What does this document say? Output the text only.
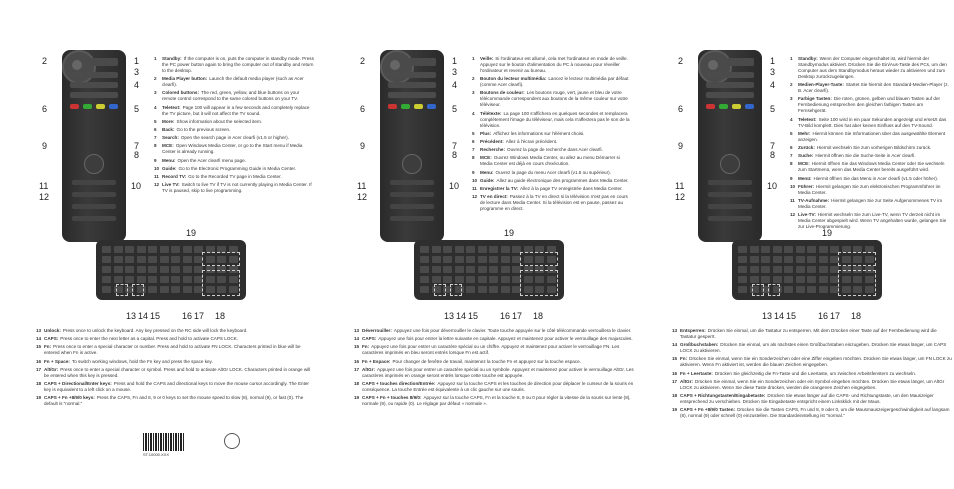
2	1
3
4
6	5
9	7
8
11
12
10
1	Standby: If the computer is on, puts the computer in standby mode. Press the PC power button again to bring the computer out of standby and return to the desktop.
2	Media Player button: Launch the default media player (such as Acer clearfi).
3	Colored buttons: The red, green, yellow, and blue buttons on your remote control correspond to the same colored buttons on your TV.
4	Teletext: Page 100 will appear in a few seconds and completely replace the TV picture, but it will not affect the TV sound.
5	More: Show information about the selected item.
6	Back: Go to the previous screen.
7	Search: Open the search page in Acer clearfi (v1.5 or higher).
8	MCE: Open Windows Media Center, or go to the Start menu if Media Center is already running.
9	Menu: Open the Acer clearfi menu page.
10 Guide: Go to the Electronic Programming Guide in Media Center.
11 Record TV: Go to the Recorded TV page in Media Center.
12 Live TV: Switch to live TV if TV is not currently playing in Media Center. If TV is paused, skip to live programming.
19
13 14 15 16 17 18
13 Unlock: Press once to unlock the keyboard. Any key pressed on the RC side will lock the keyboard.
14 CAPS: Press once to enter the next letter as a capital. Press and hold to activate CAPS LOCK.
15 Fn: Press once to enter a special character or number. Press and hold to activate FN LOCK. Characters printed in blue will be entered when Fn is active.
16 Fn + Space: To switch working windows, hold the Fn key and press the space key.
17 Alt/Gr: Press once to enter a special character or symbol. Press and hold to activate AltGr LOCK. Characters printed in orange will be entered when this key is pressed.
18 CAPS + Directional/Enter keys: Press and hold the CAPS and directional keys to move the mouse cursor accordingly. The Enter key is equivalent to a left click on a mouse.
19 CAPS + Fn +8/9/0 keys: Press the CAPS, Fn and 8, 9 or 0 keys to set the mouse speed to slow (8), normal (9), or fast (0). The default is "normal."
2	1
3
4
6	5
9	7
8
11
12
10
1	Veille: Si l'ordinateur est allumé, cela met l'ordinateur en mode de veille. Appuyez sur le bouton d'alimentation du PC à nouveau pour réveiller l'ordinateur et revenir au bureau.
2	Bouton du lecteur multimédia: Lancez le lecteur multimédia par défaut (comme Acer clearfi).
3	Boutons de couleur: Les boutons rouge, vert, jaune et bleu de votre télécommande correspondent aux boutons de la même couleur sur votre téléviseur.
4	Télétexte: La page 100 s'affichera en quelques secondes et remplacera complètement l'image du téléviseur, mais cela n'affectera pas le son de la télévision.
5	Plus: Affichez les informations sur l'élément choisi.
6	Précédent: Allez à l'écran précédent.
7	Recherche: Ouvrez la page de recherche dans Acer clearfi.
8	MCE: Ouvrez Windows Media Center, ou allez au menu Démarrer si Media Center est déjà en cours d'exécution.
9	Menu: Ouvrez la page du menu Acer clearfi (v1.5 ou supérieur).
10 Guide: Allez au guide électronique des programmes dans Media Center.
11 Enregistrer la TV: Allez à la page TV enregistrée dans Media Center.
12 TV en direct: Passez à la TV en direct si la télévision n'est pas en cours de lecture dans Media Center. Si la télévision est en pause, passez au programme en direct.
19
13 14 15 16 17 18
13 Déverrouiller: Appuyez une fois pour déverrouiller le clavier. Toute touche appuyée sur le côté télécommande verrouillera le clavier.
14 CAPS: Appuyez une fois pour entrer la lettre suivante en capitale. Appuyez et maintenez pour activer le verrouillage des majuscules.
15 Fn: Appuyez une fois pour entrer un caractère spécial ou un chiffre. Appuyez et maintenez pour activer le verrouillage FN. Les caractères imprimés en bleu seront entrés lorsque Fn est actif.
16 Fn + Espace: Pour changer de fenêtre de travail, maintenez la touche Fn et appuyez sur la touche espace.
17 AltGr: Appuyez une fois pour entrer un caractère spécial ou un symbole. Appuyez et maintenez pour activer le verrouillage AltGr. Les caractères imprimés en orange seront entrés lorsque cette touche est appuyée.
18 CAPS + touches direction/Entrée: Appuyez sur la touche CAPS et les touches de direction pour déplacer le curseur de la souris en conséquence. La touche Entrée est équivalente à un clic gauche sur une souris.
19 CAPS + Fn + touches 8/9/0: Appuyez sur la touche CAPS, Fn et la touche 8, 9 ou 0 pour régler la vitesse de la souris sur lente (8), normale (9), ou rapide (0). Le réglage par défaut « normale ».
2	1
3
4
6	5
9	7
8
11
12
10
1	Standby: Wenn der Computer eingeschaltet ist, wird hiermit der Standbymodus aktiviert. Drücken Sie die Ein/Aus-Taste des PCs, um den Computer aus dem Standbymodus heraus wieder zu aktivieren und zum Desktop zurückzugelangen.
2	Medien-Player-Taste: Startet Sie hiermit den Standard-Medien-Player (z. B. Acer clearfi).
3	Farbige Tasten: Die roten, grünen, gelben und blauen Tasten auf der Fernbedienung entsprechen den gleichen farbigen Tasten am Fernsehgerät.
4	Teletext: Seite 100 wird in ein paar Sekunden angezeigt und ersetzt das TV-Bild komplett. Dies hat aber keinen Einfluss auf den TV-Sound.
5	Mehr: Hiermit können Sie Informationen über das ausgewählte Element anzeigen.
6	Zurück: Hiermit wechseln Sie zum vorherigen Bildschirm zurück.
7	Suche: Hiermit öffnen Sie die Suche-Seite in Acer clearfi.
8	MCE: Hiermit öffnen Sie das Windows Media Center oder Sie wechseln zum Startmenü, wenn das Media Center bereits ausgeführt wird.
9	Menü: Hiermit öffnen Sie das Menü in Acer clearfi (v1.5 oder höher).
10 Führer: Hiermit gelangen Sie zum elektronischen Programmführer im Media Center.
11 TV-Aufnahme: Hiermit gelangen Sie zur Seite Aufgenommenes TV im Media Center.
12 Live-TV: Hiermit wechseln Sie zum Live-TV, wenn TV derzeit nicht im Media Center abgespielt wird. Wenn TV angehalten wurde, gelangen Sie zur Live-Programmierung.
19
13 14 15 16 17 18
13 Entsperren: Drücken Sie einmal, um die Tastatur zu entsperren. Mit dem Drücken einer Taste auf der Fernbedienung wird die Tastatur gesperrt.
14 Großbuchstaben: Drücken Sie einmal, um als nächstes einen Großbuchstaben einzugeben. Drücken Sie etwas länger, um CAPS LOCK zu aktivieren.
15 Fn: Drücken Sie einmal, wenn Sie ein Sonderzeichen oder eine Ziffer eingeben möchten. Drücken Sie etwas länger, um FN LOCK zu aktivieren. Wenn Fn aktiviert ist, werden die blauen Zeichen eingegeben.
16 Fn + Leertaste: Drücken Sie gleichzeitig die Fn-Taste und die Leertaste, um zwischen Arbeitsfenstern zu wechseln.
17 AltGr: Drücken Sie einmal, wenn Sie ein Sonderzeichen oder ein Symbol eingeben möchten. Drücken Sie etwas länger, um AltGr LOCK zu aktivieren. Wenn Sie diese Taste drücken, werden die orangenen Zeichen eingegeben.
18 CAPS + Richtungstasten/Eingabetaste: Drücken Sie etwas länger auf die CAPS- und Richtungstaste, um den Mauszeiger entsprechend zu verschieben. Drücken Sie Eingabetaste entspricht einem Linksklick mit der Maus.
19 CAPS + Fn +8/9/0 Tasten: Drücken Sie die Tasten CAPS, Fn und 8, 9 oder 0, um die Mausmauszeigergeschwindigkeit auf langsam (8), normal (9) oder schnell (0) einzustellen. Die Standardeinstellung ist "normal."
ST.10000.XXX
